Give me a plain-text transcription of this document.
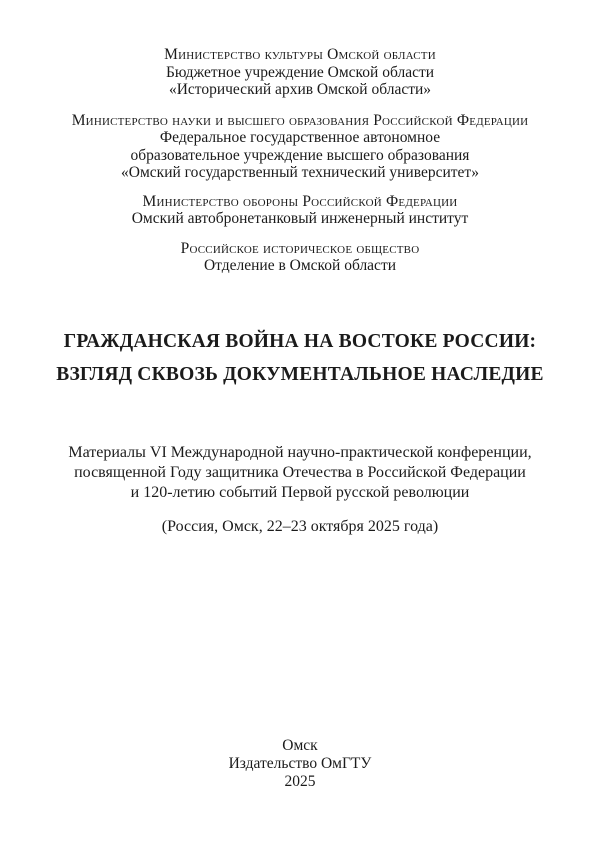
Министерство культуры Омской области
Бюджетное учреждение Омской области
«Исторический архив Омской области»
Министерство науки и высшего образования Российской Федерации
Федеральное государственное автономное
образовательное учреждение высшего образования
«Омский государственный технический университет»
Министерство обороны Российской Федерации
Омский автобронетанковый инженерный институт
Российское историческое общество
Отделение в Омской области
ГРАЖДАНСКАЯ ВОЙНА НА ВОСТОКЕ РОССИИ:
ВЗГЛЯД СКВОЗЬ ДОКУМЕНТАЛЬНОЕ НАСЛЕДИЕ
Материалы VI Международной научно-практической конференции,
посвященной Году защитника Отечества в Российской Федерации
и 120-летию событий Первой русской революции
(Россия, Омск, 22–23 октября 2025 года)
Омск
Издательство ОмГТУ
2025
